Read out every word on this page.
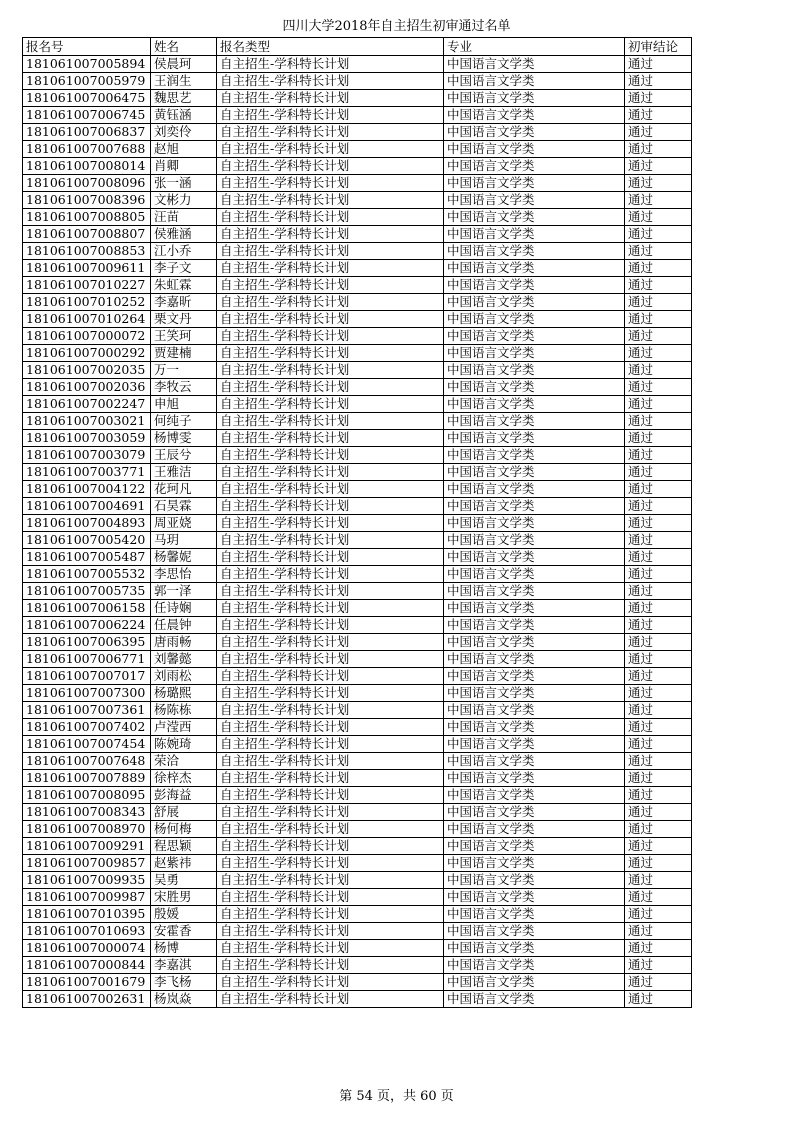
四川大学2018年自主招生初审通过名单
报名号	姓名	报名类型	专业	初审结论
181061007005894	侯晨珂	自主招生-学科特长计划	中国语言文学类	通过
181061007005979	王润生	自主招生-学科特长计划	中国语言文学类	通过
181061007006475	魏思艺	自主招生-学科特长计划	中国语言文学类	通过
181061007006745	黄钰涵	自主招生-学科特长计划	中国语言文学类	通过
181061007006837	刘奕伶	自主招生-学科特长计划	中国语言文学类	通过
181061007007688	赵旭	自主招生-学科特长计划	中国语言文学类	通过
181061007008014	肖卿	自主招生-学科特长计划	中国语言文学类	通过
181061007008096	张一涵	自主招生-学科特长计划	中国语言文学类	通过
181061007008396	文彬力	自主招生-学科特长计划	中国语言文学类	通过
181061007008805	汪苗	自主招生-学科特长计划	中国语言文学类	通过
181061007008807	侯雅涵	自主招生-学科特长计划	中国语言文学类	通过
181061007008853	江小乔	自主招生-学科特长计划	中国语言文学类	通过
181061007009611	李子文	自主招生-学科特长计划	中国语言文学类	通过
181061007010227	朱虹霖	自主招生-学科特长计划	中国语言文学类	通过
181061007010252	李嘉昕	自主招生-学科特长计划	中国语言文学类	通过
181061007010264	栗文丹	自主招生-学科特长计划	中国语言文学类	通过
181061007000072	王笑珂	自主招生-学科特长计划	中国语言文学类	通过
181061007000292	贾建楠	自主招生-学科特长计划	中国语言文学类	通过
181061007002035	万一	自主招生-学科特长计划	中国语言文学类	通过
181061007002036	李牧云	自主招生-学科特长计划	中国语言文学类	通过
181061007002247	申旭	自主招生-学科特长计划	中国语言文学类	通过
181061007003021	何纯子	自主招生-学科特长计划	中国语言文学类	通过
181061007003059	杨博雯	自主招生-学科特长计划	中国语言文学类	通过
181061007003079	王辰兮	自主招生-学科特长计划	中国语言文学类	通过
181061007003771	王雅洁	自主招生-学科特长计划	中国语言文学类	通过
181061007004122	花珂凡	自主招生-学科特长计划	中国语言文学类	通过
181061007004691	石昊霖	自主招生-学科特长计划	中国语言文学类	通过
181061007004893	周亚娆	自主招生-学科特长计划	中国语言文学类	通过
181061007005420	马玥	自主招生-学科特长计划	中国语言文学类	通过
181061007005487	杨馨妮	自主招生-学科特长计划	中国语言文学类	通过
181061007005532	李思怡	自主招生-学科特长计划	中国语言文学类	通过
181061007005735	郭一泽	自主招生-学科特长计划	中国语言文学类	通过
181061007006158	任诗娴	自主招生-学科特长计划	中国语言文学类	通过
181061007006224	任晨钟	自主招生-学科特长计划	中国语言文学类	通过
181061007006395	唐雨畅	自主招生-学科特长计划	中国语言文学类	通过
181061007006771	刘馨懿	自主招生-学科特长计划	中国语言文学类	通过
181061007007017	刘雨松	自主招生-学科特长计划	中国语言文学类	通过
181061007007300	杨璐熙	自主招生-学科特长计划	中国语言文学类	通过
181061007007361	杨陈栋	自主招生-学科特长计划	中国语言文学类	通过
181061007007402	卢滢西	自主招生-学科特长计划	中国语言文学类	通过
181061007007454	陈婉琦	自主招生-学科特长计划	中国语言文学类	通过
181061007007648	荣洽	自主招生-学科特长计划	中国语言文学类	通过
181061007007889	徐梓杰	自主招生-学科特长计划	中国语言文学类	通过
181061007008095	彭海益	自主招生-学科特长计划	中国语言文学类	通过
181061007008343	舒展	自主招生-学科特长计划	中国语言文学类	通过
181061007008970	杨何梅	自主招生-学科特长计划	中国语言文学类	通过
181061007009291	程思颖	自主招生-学科特长计划	中国语言文学类	通过
181061007009857	赵紫祎	自主招生-学科特长计划	中国语言文学类	通过
181061007009935	吴勇	自主招生-学科特长计划	中国语言文学类	通过
181061007009987	宋胜男	自主招生-学科特长计划	中国语言文学类	通过
181061007010395	殷媛	自主招生-学科特长计划	中国语言文学类	通过
181061007010693	安霍香	自主招生-学科特长计划	中国语言文学类	通过
181061007000074	杨博	自主招生-学科特长计划	中国语言文学类	通过
181061007000844	李嘉淇	自主招生-学科特长计划	中国语言文学类	通过
181061007001679	李飞杨	自主招生-学科特长计划	中国语言文学类	通过
181061007002631	杨岚焱	自主招生-学科特长计划	中国语言文学类	通过
第 54 页，共 60 页
